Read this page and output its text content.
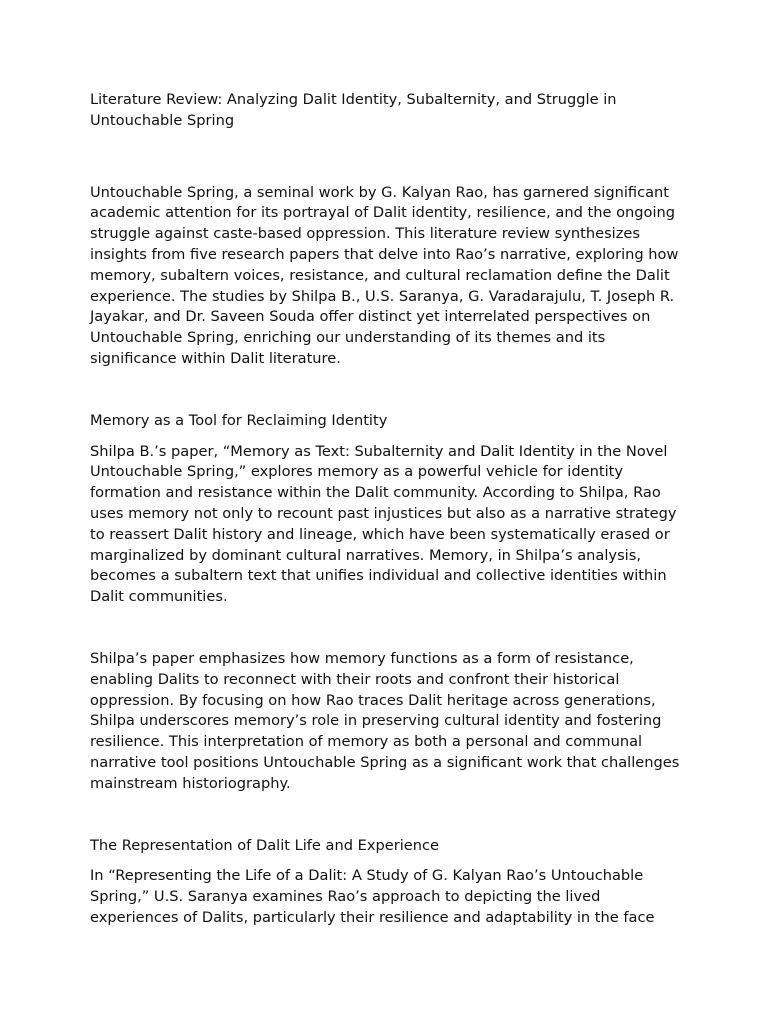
Literature Review: Analyzing Dalit Identity, Subalternity, and Struggle in Untouchable Spring

Untouchable Spring, a seminal work by G. Kalyan Rao, has garnered significant academic attention for its portrayal of Dalit identity, resilience, and the ongoing struggle against caste-based oppression. This literature review synthesizes insights from five research papers that delve into Rao’s narrative, exploring how memory, subaltern voices, resistance, and cultural reclamation define the Dalit experience. The studies by Shilpa B., U.S. Saranya, G. Varadarajulu, T. Joseph R. Jayakar, and Dr. Saveen Souda offer distinct yet interrelated perspectives on Untouchable Spring, enriching our understanding of its themes and its significance within Dalit literature.

Memory as a Tool for Reclaiming Identity

Shilpa B.’s paper, “Memory as Text: Subalternity and Dalit Identity in the Novel Untouchable Spring,” explores memory as a powerful vehicle for identity formation and resistance within the Dalit community. According to Shilpa, Rao uses memory not only to recount past injustices but also as a narrative strategy to reassert Dalit history and lineage, which have been systematically erased or marginalized by dominant cultural narratives. Memory, in Shilpa’s analysis, becomes a subaltern text that unifies individual and collective identities within Dalit communities.

Shilpa’s paper emphasizes how memory functions as a form of resistance, enabling Dalits to reconnect with their roots and confront their historical oppression. By focusing on how Rao traces Dalit heritage across generations, Shilpa underscores memory’s role in preserving cultural identity and fostering resilience. This interpretation of memory as both a personal and communal narrative tool positions Untouchable Spring as a significant work that challenges mainstream historiography.

The Representation of Dalit Life and Experience

In “Representing the Life of a Dalit: A Study of G. Kalyan Rao’s Untouchable Spring,” U.S. Saranya examines Rao’s approach to depicting the lived experiences of Dalits, particularly their resilience and adaptability in the face
